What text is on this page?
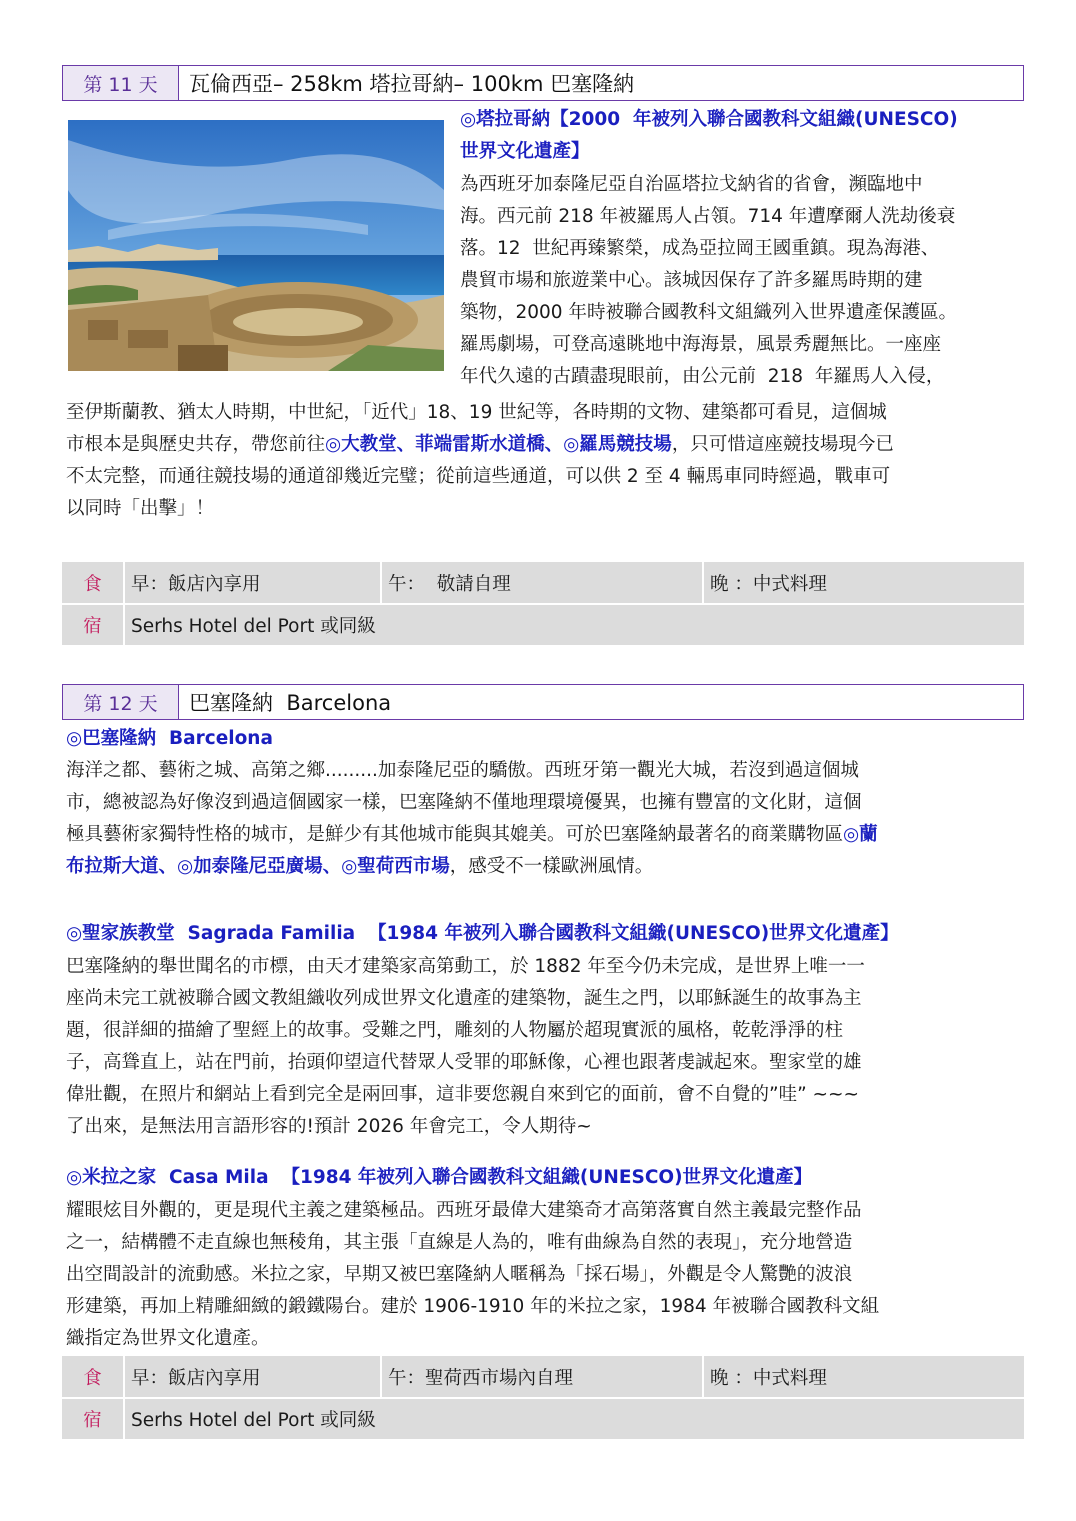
第 11 天	瓦倫西亞– 258km 塔拉哥納– 100km 巴塞隆納
◎塔拉哥納【2000  年被列入聯合國教科文組織(UNESCO)
世界文化遺產】
為西班牙加泰隆尼亞自治區塔拉戈納省的省會，瀕臨地中
海。西元前 218 年被羅馬人占領。714 年遭摩爾人洗劫後衰
落。12  世紀再臻繁榮，成為亞拉岡王國重鎮。現為海港、
農貿市場和旅遊業中心。該城因保存了許多羅馬時期的建
築物，2000 年時被聯合國教科文組織列入世界遺產保護區。
羅馬劇場，可登高遠眺地中海海景，風景秀麗無比。一座座
年代久遠的古蹟盡現眼前，由公元前  218  年羅馬人入侵，
至伊斯蘭教、猶太人時期，中世紀，「近代」18、19 世紀等，各時期的文物、建築都可看見，這個城
市根本是與歷史共存，帶您前往◎大教堂、菲端雷斯水道橋、◎羅馬競技場，只可惜這座競技場現今已
不太完整，而通往競技場的通道卻幾近完璧；從前這些通道，可以供 2 至 4 輛馬車同時經過，戰車可
以同時「出擊」！
食	早：飯店內享用	午：  敬請自理	晚 ：中式料理
宿	Serhs Hotel del Port 或同級		
第 12 天	巴塞隆納  Barcelona
◎巴塞隆納  Barcelona
海洋之都、藝術之城、高第之鄉.........加泰隆尼亞的驕傲。西班牙第一觀光大城，若沒到過這個城
市，總被認為好像沒到過這個國家一樣，巴塞隆納不僅地理環境優異，也擁有豐富的文化財，這個
極具藝術家獨特性格的城市，是鮮少有其他城市能與其媲美。可於巴塞隆納最著名的商業購物區◎蘭
布拉斯大道、◎加泰隆尼亞廣場、◎聖荷西市場，感受不一樣歐洲風情。
◎聖家族教堂  Sagrada Familia  【1984 年被列入聯合國教科文組織(UNESCO)世界文化遺產】
巴塞隆納的舉世聞名的市標，由天才建築家高第動工，於 1882 年至今仍未完成，是世界上唯一一
座尚未完工就被聯合國文教組織收列成世界文化遺產的建築物，誕生之門，以耶穌誕生的故事為主
題，很詳細的描繪了聖經上的故事。受難之門，雕刻的人物屬於超現實派的風格，乾乾淨淨的柱
子，高聳直上，站在門前，抬頭仰望這代替眾人受罪的耶穌像，心裡也跟著虔誠起來。聖家堂的雄
偉壯觀，在照片和網站上看到完全是兩回事，這非要您親自來到它的面前，會不自覺的”哇” ~~~
了出來，是無法用言語形容的!預計 2026 年會完工，令人期待~
◎米拉之家  Casa Mila  【1984 年被列入聯合國教科文組織(UNESCO)世界文化遺產】
耀眼炫目外觀的，更是現代主義之建築極品。西班牙最偉大建築奇才高第落實自然主義最完整作品
之一，結構體不走直線也無稜角，其主張「直線是人為的，唯有曲線為自然的表現」，充分地營造
出空間設計的流動感。米拉之家，早期又被巴塞隆納人暱稱為「採石場」，外觀是令人驚艷的波浪
形建築，再加上精雕細緻的鍛鐵陽台。建於 1906-1910 年的米拉之家，1984 年被聯合國教科文組
織指定為世界文化遺產。
食	早：飯店內享用	午：聖荷西市場內自理	晚 ：中式料理
宿	Serhs Hotel del Port 或同級		
